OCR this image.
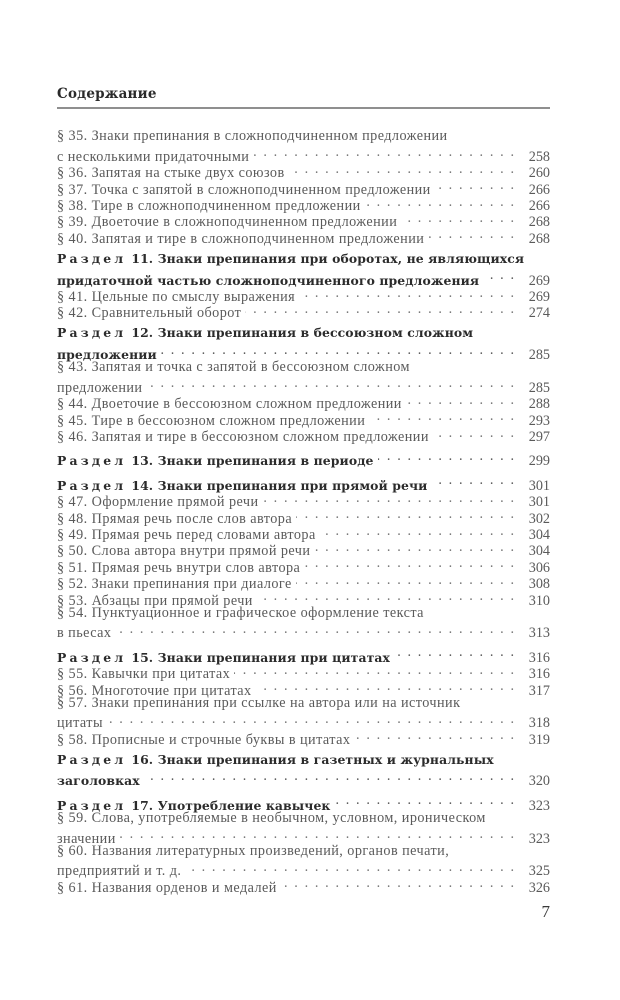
Содержание
§ 35. Знаки препинания в сложноподчиненном предложении
с несколькими придаточными . . .	258
§ 36. Запятая на стыке двух союзов . . .	260
§ 37. Точка с запятой в сложноподчиненном предложении . . .	266
§ 38. Тире в сложноподчиненном предложении . . .	266
§ 39. Двоеточие в сложноподчиненном предложении . . .	268
§ 40. Запятая и тире в сложноподчиненном предложении . . .	268
Раздел 11. Знаки препинания при оборотах, не являющихся
придаточной частью сложноподчиненного предложения . . .	269
§ 41. Цельные по смыслу выражения . . .	269
§ 42. Сравнительный оборот . . .	274
Раздел 12. Знаки препинания в бессоюзном сложном
предложении . . .	285
§ 43. Запятая и точка с запятой в бессоюзном сложном
предложении . . .	285
§ 44. Двоеточие в бессоюзном сложном предложении . . .	288
§ 45. Тире в бессоюзном сложном предложении . . .	293
§ 46. Запятая и тире в бессоюзном сложном предложении . . .	297
Раздел 13. Знаки препинания в периоде . . .	299
Раздел 14. Знаки препинания при прямой речи . . .	301
§ 47. Оформление прямой речи . . .	301
§ 48. Прямая речь после слов автора . . .	302
§ 49. Прямая речь перед словами автора . . .	304
§ 50. Слова автора внутри прямой речи . . .	304
§ 51. Прямая речь внутри слов автора . . .	306
§ 52. Знаки препинания при диалоге . . .	308
§ 53. Абзацы при прямой речи . . .	310
§ 54. Пунктуационное и графическое оформление текста
в пьесах . . .	313
Раздел 15. Знаки препинания при цитатах . . .	316
§ 55. Кавычки при цитатах . . .	316
§ 56. Многоточие при цитатах . . .	317
§ 57. Знаки препинания при ссылке на автора или на источник
цитаты . . .	318
§ 58. Прописные и строчные буквы в цитатах . . .	319
Раздел 16. Знаки препинания в газетных и журнальных
заголовках . . .	320
Раздел 17. Употребление кавычек . . .	323
§ 59. Слова, употребляемые в необычном, условном, ироническом
значении . . .	323
§ 60. Названия литературных произведений, органов печати,
предприятий и т. д. . . .	325
§ 61. Названия орденов и медалей . . .	326
7
